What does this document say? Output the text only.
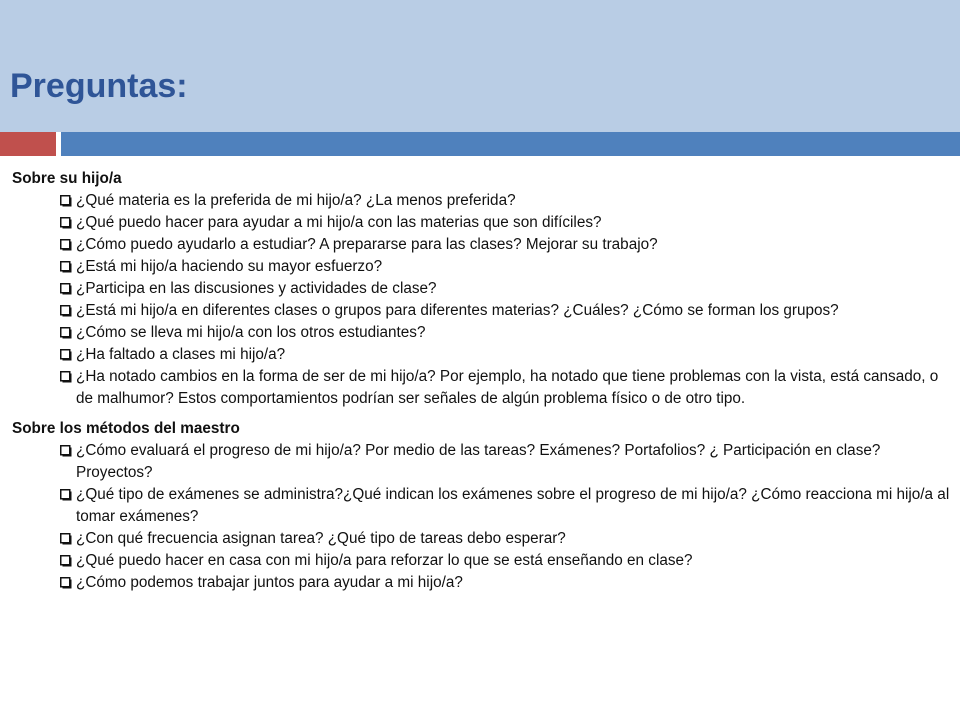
Preguntas:

Sobre su hijo/a

¿Qué materia es la preferida de mi hijo/a? ¿La menos preferida?
¿Qué puedo hacer para ayudar a mi hijo/a con las materias que son difíciles?
¿Cómo puedo ayudarlo a estudiar? A prepararse para las clases? Mejorar su trabajo?
¿Está mi hijo/a haciendo su mayor esfuerzo?
¿Participa en las discusiones y actividades de clase?
¿Está mi hijo/a en diferentes clases o grupos para diferentes materias? ¿Cuáles? ¿Cómo se forman los grupos?
¿Cómo se lleva mi hijo/a con los otros estudiantes?
¿Ha faltado a clases mi hijo/a?
¿Ha notado cambios en la forma de ser de mi hijo/a? Por ejemplo, ha notado que tiene problemas con la vista, está cansado, o de malhumor? Estos comportamientos podrían ser señales de algún problema físico o de otro tipo.

Sobre los métodos del maestro

¿Cómo evaluará el progreso de mi hijo/a? Por medio de las tareas? Exámenes? Portafolios? ¿ Participación en clase? Proyectos?
¿Qué tipo de exámenes se administra?¿Qué indican los exámenes sobre el progreso de mi hijo/a? ¿Cómo reacciona mi hijo/a al tomar exámenes?
¿Con qué frecuencia asignan tarea? ¿Qué tipo de tareas debo esperar?
¿Qué puedo hacer en casa con mi hijo/a para reforzar lo que se está enseñando en clase?
¿Cómo podemos trabajar juntos para ayudar a mi hijo/a?
